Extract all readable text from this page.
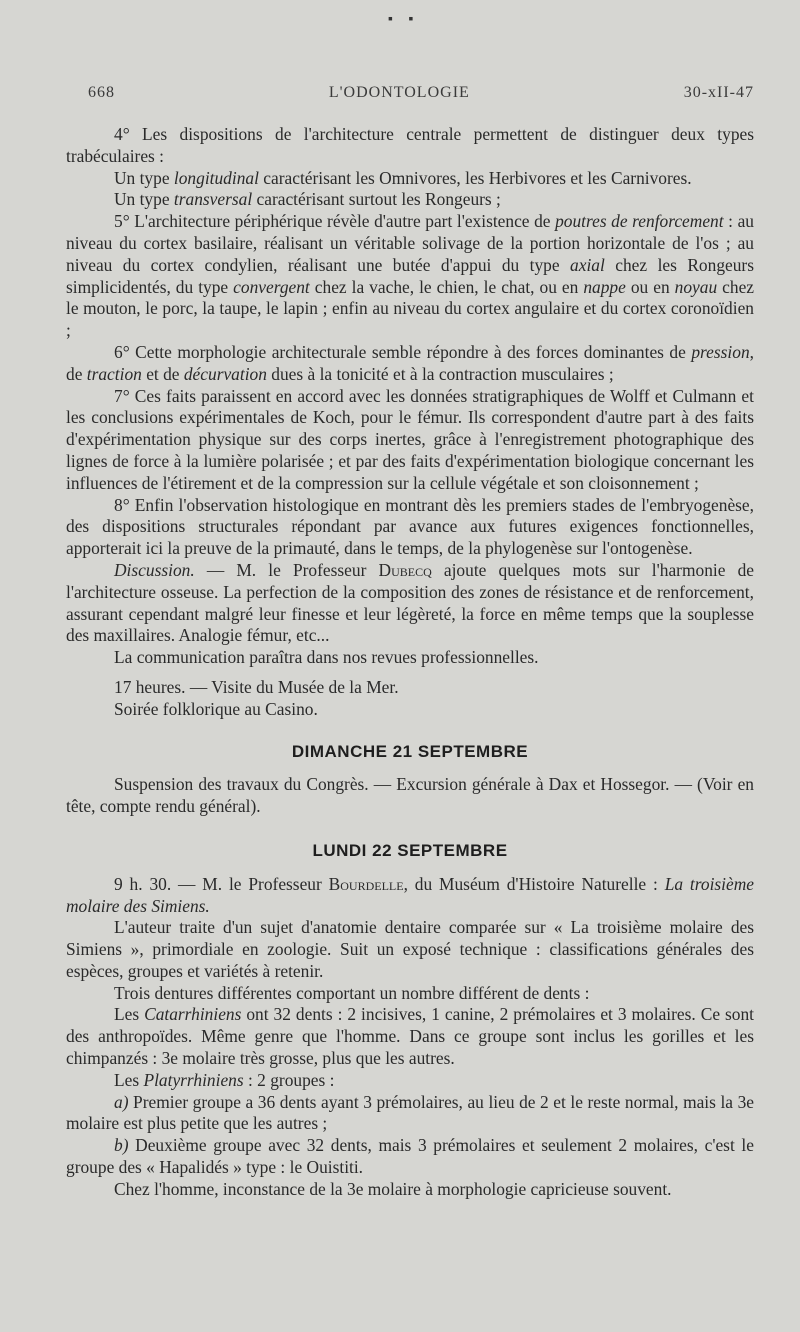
▪ ▪
668	L'ODONTOLOGIE	30-xII-47

4° Les dispositions de l'architecture centrale permettent de distinguer deux types trabéculaires :

Un type longitudinal caractérisant les Omnivores, les Herbivores et les Carnivores.

Un type transversal caractérisant surtout les Rongeurs ;

5° L'architecture périphérique révèle d'autre part l'existence de poutres de renforcement : au niveau du cortex basilaire, réalisant un véritable solivage de la portion horizontale de l'os ; au niveau du cortex condylien, réalisant une butée d'appui du type axial chez les Rongeurs simplicidentés, du type convergent chez la vache, le chien, le chat, ou en nappe ou en noyau chez le mouton, le porc, la taupe, le lapin ; enfin au niveau du cortex angulaire et du cortex coronoïdien ;

6° Cette morphologie architecturale semble répondre à des forces dominantes de pression, de traction et de décurvation dues à la tonicité et à la contraction musculaires ;

7° Ces faits paraissent en accord avec les données stratigraphiques de Wolff et Culmann et les conclusions expérimentales de Koch, pour le fémur. Ils correspondent d'autre part à des faits d'expérimentation physique sur des corps inertes, grâce à l'enregistrement photographique des lignes de force à la lumière polarisée ; et par des faits d'expérimentation biologique concernant les influences de l'étirement et de la compression sur la cellule végétale et son cloisonnement ;

8° Enfin l'observation histologique en montrant dès les premiers stades de l'embryogenèse, des dispositions structurales répondant par avance aux futures exigences fonctionnelles, apporterait ici la preuve de la primauté, dans le temps, de la phylogenèse sur l'ontogenèse.

Discussion. — M. le Professeur Dubecq ajoute quelques mots sur l'harmonie de l'architecture osseuse. La perfection de la composition des zones de résistance et de renforcement, assurant cependant malgré leur finesse et leur légèreté, la force en même temps que la souplesse des maxillaires. Analogie fémur, etc...

La communication paraîtra dans nos revues professionnelles.

17 heures. — Visite du Musée de la Mer.

Soirée folklorique au Casino.

DIMANCHE 21 SEPTEMBRE

Suspension des travaux du Congrès. — Excursion générale à Dax et Hossegor. — (Voir en tête, compte rendu général).

LUNDI 22 SEPTEMBRE

9 h. 30. — M. le Professeur Bourdelle, du Muséum d'Histoire Naturelle : La troisième molaire des Simiens.

L'auteur traite d'un sujet d'anatomie dentaire comparée sur « La troisième molaire des Simiens », primordiale en zoologie. Suit un exposé technique : classifications générales des espèces, groupes et variétés à retenir.

Trois dentures différentes comportant un nombre différent de dents :

Les Catarrhiniens ont 32 dents : 2 incisives, 1 canine, 2 prémolaires et 3 molaires. Ce sont des anthropoïdes. Même genre que l'homme. Dans ce groupe sont inclus les gorilles et les chimpanzés : 3e molaire très grosse, plus que les autres.

Les Platyrrhiniens : 2 groupes :

a) Premier groupe a 36 dents ayant 3 prémolaires, au lieu de 2 et le reste normal, mais la 3e molaire est plus petite que les autres ;

b) Deuxième groupe avec 32 dents, mais 3 prémolaires et seulement 2 molaires, c'est le groupe des « Hapalidés » type : le Ouistiti.

Chez l'homme, inconstance de la 3e molaire à morphologie capricieuse souvent.
